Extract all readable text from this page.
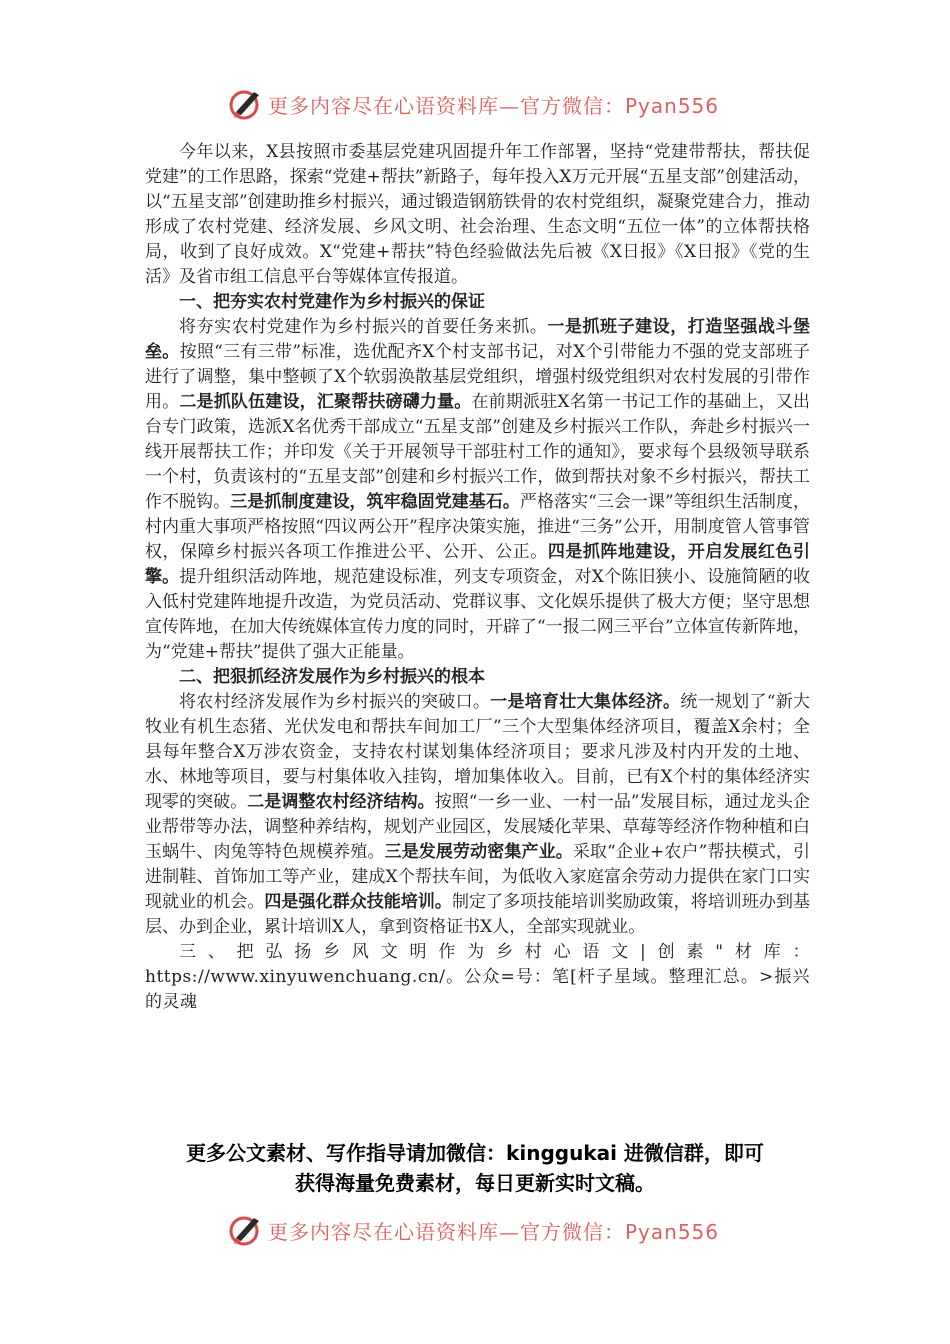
更多内容尽在心语资料库—官方微信：Pyan556

今年以来，X县按照市委基层党建巩固提升年工作部署，坚持“党建带帮扶，帮扶促党建”的工作思路，探索“党建+帮扶”新路子，每年投入X万元开展“五星支部”创建活动，以“五星支部”创建助推乡村振兴，通过锻造钢筋铁骨的农村党组织，凝聚党建合力，推动形成了农村党建、经济发展、乡风文明、社会治理、生态文明“五位一体”的立体帮扶格局，收到了良好成效。X“党建+帮扶”特色经验做法先后被《X日报》《X日报》《党的生活》及省市组工信息平台等媒体宣传报道。

一、把夯实农村党建作为乡村振兴的保证

将夯实农村党建作为乡村振兴的首要任务来抓。一是抓班子建设，打造坚强战斗堡垒。按照“三有三带”标准，选优配齐X个村支部书记，对X个引带能力不强的党支部班子进行了调整，集中整顿了X个软弱涣散基层党组织，增强村级党组织对农村发展的引带作用。二是抓队伍建设，汇聚帮扶磅礴力量。在前期派驻X名第一书记工作的基础上，又出台专门政策，选派X名优秀干部成立“五星支部”创建及乡村振兴工作队，奔赴乡村振兴一线开展帮扶工作；并印发《关于开展领导干部驻村工作的通知》，要求每个县级领导联系一个村，负责该村的“五星支部”创建和乡村振兴工作，做到帮扶对象不乡村振兴，帮扶工作不脱钩。三是抓制度建设，筑牢稳固党建基石。严格落实“三会一课”等组织生活制度，村内重大事项严格按照“四议两公开”程序决策实施，推进“三务”公开，用制度管人管事管权，保障乡村振兴各项工作推进公平、公开、公正。四是抓阵地建设，开启发展红色引擎。提升组织活动阵地，规范建设标准，列支专项资金，对X个陈旧狭小、设施简陋的收入低村党建阵地提升改造，为党员活动、党群议事、文化娱乐提供了极大方便；坚守思想宣传阵地，在加大传统媒体宣传力度的同时，开辟了“一报二网三平台”立体宣传新阵地，为“党建+帮扶”提供了强大正能量。

二、把狠抓经济发展作为乡村振兴的根本

将农村经济发展作为乡村振兴的突破口。一是培育壮大集体经济。统一规划了“新大牧业有机生态猪、光伏发电和帮扶车间加工厂”三个大型集体经济项目，覆盖X余村；全县每年整合X万涉农资金，支持农村谋划集体经济项目；要求凡涉及村内开发的土地、水、林地等项目，要与村集体收入挂钩，增加集体收入。目前，已有X个村的集体经济实现零的突破。二是调整农村经济结构。按照“一乡一业、一村一品”发展目标，通过龙头企业帮带等办法，调整种养结构，规划产业园区，发展矮化苹果、草莓等经济作物种植和白玉蜗牛、肉兔等特色规模养殖。三是发展劳动密集产业。采取“企业+农户”帮扶模式，引进制鞋、首饰加工等产业，建成X个帮扶车间，为低收入家庭富余劳动力提供在家门口实现就业的机会。四是强化群众技能培训。制定了多项技能培训奖励政策，将培训班办到基层、办到企业，累计培训X人，拿到资格证书X人，全部实现就业。

三、把弘扬乡风文明作为乡村心语文|创素"材库：https://www.xinyuwenchuang.cn/。公众=号：笔[杆子星域。整理汇总。>振兴的灵魂

更多公文素材、写作指导请加微信：kinggukai 进微信群，即可
获得海量免费素材，每日更新实时文稿。
更多内容尽在心语资料库—官方微信：Pyan556
